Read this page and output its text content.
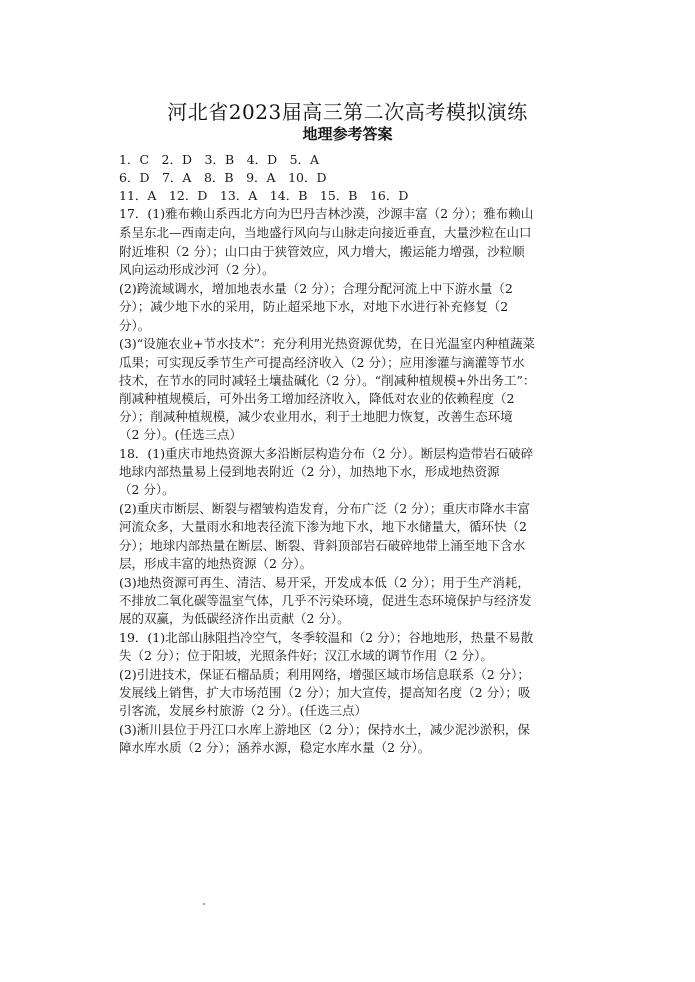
河北省2023届高三第二次高考模拟演练
地理参考答案
1．C　2．D　3．B　4．D　5．A
6．D　7．A　8．B　9．A　10．D
11．A　12．D　13．A　14．B　15．B　16．D
17．(1)雅布赖山系西北方向为巴丹吉林沙漠，沙源丰富（2 分）；雅布赖山
系呈东北—西南走向，当地盛行风向与山脉走向接近垂直，大量沙粒在山口
附近堆积（2 分）；山口由于狭管效应，风力增大，搬运能力增强，沙粒顺
风向运动形成沙河（2 分）。
(2)跨流域调水，增加地表水量（2 分）；合理分配河流上中下游水量（2
分）；减少地下水的采用，防止超采地下水，对地下水进行补充修复（2
分）。
(3)“设施农业+节水技术”：充分利用光热资源优势，在日光温室内种植蔬菜
瓜果；可实现反季节生产可提高经济收入（2 分）；应用渗灌与滴灌等节水
技术，在节水的同时减轻土壤盐碱化（2 分）。“削减种植规模+外出务工”：
削减种植规模后，可外出务工增加经济收入，降低对农业的依赖程度（2
分）；削减种植规模，减少农业用水，利于土地肥力恢复，改善生态环境
（2 分）。(任选三点）
18．(1)重庆市地热资源大多沿断层构造分布（2 分）。断层构造带岩石破碎
地球内部热量易上侵到地表附近（2 分），加热地下水，形成地热资源
（2 分）。
(2)重庆市断层、断裂与褶皱构造发育，分布广泛（2 分）；重庆市降水丰富
河流众多，大量雨水和地表径流下渗为地下水，地下水储量大，循环快（2
分）；地球内部热量在断层、断裂、背斜顶部岩石破碎地带上涌至地下含水
层，形成丰富的地热资源（2 分）。
(3)地热资源可再生、清洁、易开采，开发成本低（2 分）；用于生产消耗，
不排放二氧化碳等温室气体，几乎不污染环境，促进生态环境保护与经济发
展的双赢，为低碳经济作出贡献（2 分）。
19．(1)北部山脉阻挡冷空气，冬季较温和（2 分）；谷地地形，热量不易散
失（2 分）；位于阳坡，光照条件好；汉江水域的调节作用（2 分）。
(2)引进技术，保证石榴品质；利用网络，增强区域市场信息联系（2 分）；
发展线上销售，扩大市场范围（2 分）；加大宣传，提高知名度（2 分）；吸
引客流，发展乡村旅游（2 分）。(任选三点）
(3)淅川县位于丹江口水库上游地区（2 分）；保持水土，减少泥沙淤积，保
障水库水质（2 分）；涵养水源，稳定水库水量（2 分）。
